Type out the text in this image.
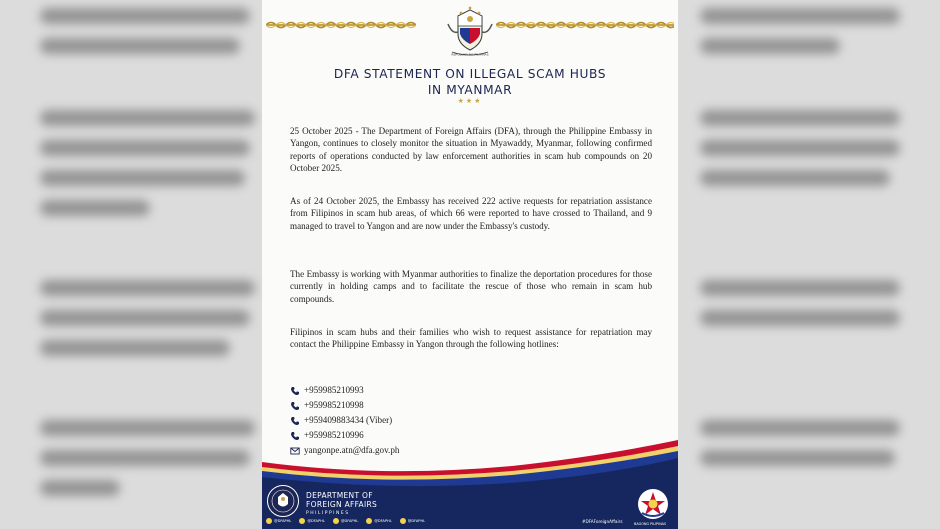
REPUBLIKA NG PILIPINAS
DFA STATEMENT ON ILLEGAL SCAM HUBS
IN MYANMAR
★★★

25 October 2025 - The Department of Foreign Affairs (DFA), through the Philippine Embassy in Yangon, continues to closely monitor the situation in Myawaddy, Myanmar, following confirmed reports of operations conducted by law enforcement authorities in scam hub compounds on 20 October 2025.

As of 24 October 2025, the Embassy has received 222 active requests for repatriation assistance from Filipinos in scam hub areas, of which 66 were reported to have crossed to Thailand, and 9 managed to travel to Yangon and are now under the Embassy's custody.

The Embassy is working with Myanmar authorities to finalize the deportation procedures for those currently in holding camps and to facilitate the rescue of those who remain in scam hub compounds.

Filipinos in scam hubs and their families who wish to request assistance for repatriation may contact the Philippine Embassy in Yangon through the following hotlines:

+959985210993
+959985210998
+959409883434 (Viber)
+959985210996
yangonpe.atn@dfa.gov.ph
DEPARTMENT OF
FOREIGN AFFAIRS
PHILIPPINES
@DFAPHL	@DFAPHL	@DFAPHL	@DFAPHL	@DFAPHL	#DFAForeignAffairs	BAGONG PILIPINAS
